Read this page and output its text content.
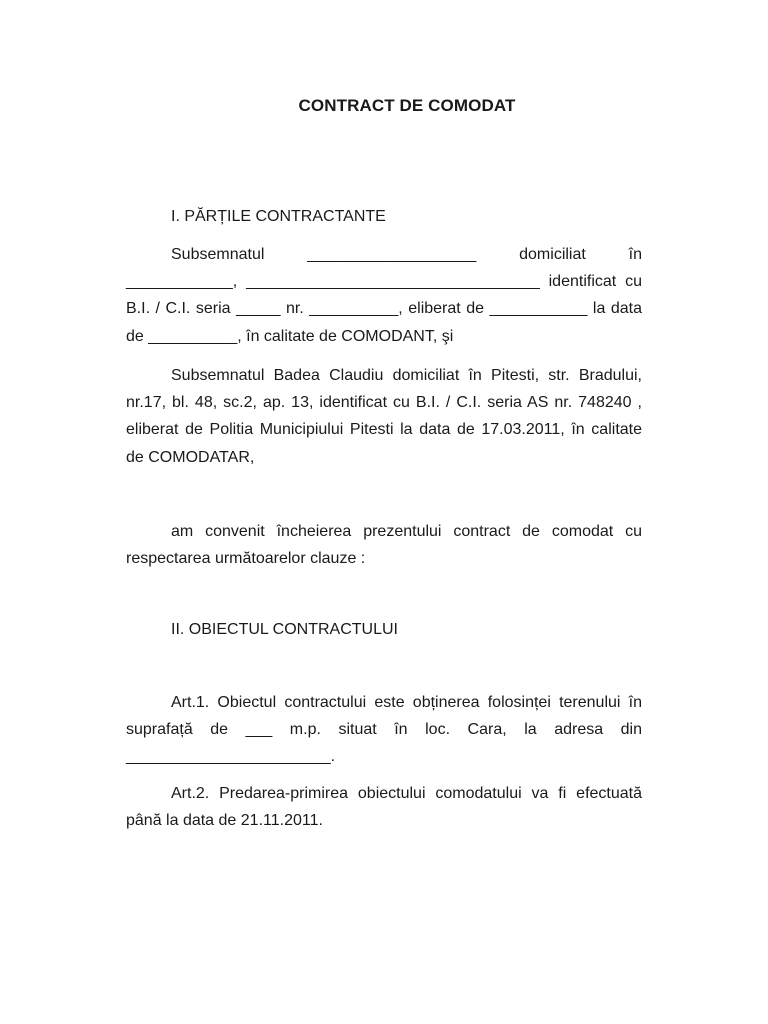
CONTRACT DE COMODAT
I. PĂRȚILE CONTRACTANTE
Subsemnatul ___________________ domiciliat în ____________, _________________________________ identificat cu B.I. / C.I. seria _____ nr. __________, eliberat de ___________ la data de __________, în calitate de COMODANT, şi
Subsemnatul Badea Claudiu domiciliat în Pitesti, str. Bradului, nr.17, bl. 48, sc.2, ap. 13, identificat cu B.I. / C.I. seria AS nr. 748240 , eliberat de Politia Municipiului Pitesti la data de 17.03.2011, în calitate de COMODATAR,
am convenit încheierea prezentului contract de comodat cu respectarea următoarelor clauze :
II. OBIECTUL CONTRACTULUI
Art.1. Obiectul contractului este obținerea folosinței terenului în suprafață de ___ m.p. situat în loc. Cara, la adresa din _______________________.
Art.2. Predarea-primirea obiectului comodatului va fi efectuată până la data de 21.11.2011.
